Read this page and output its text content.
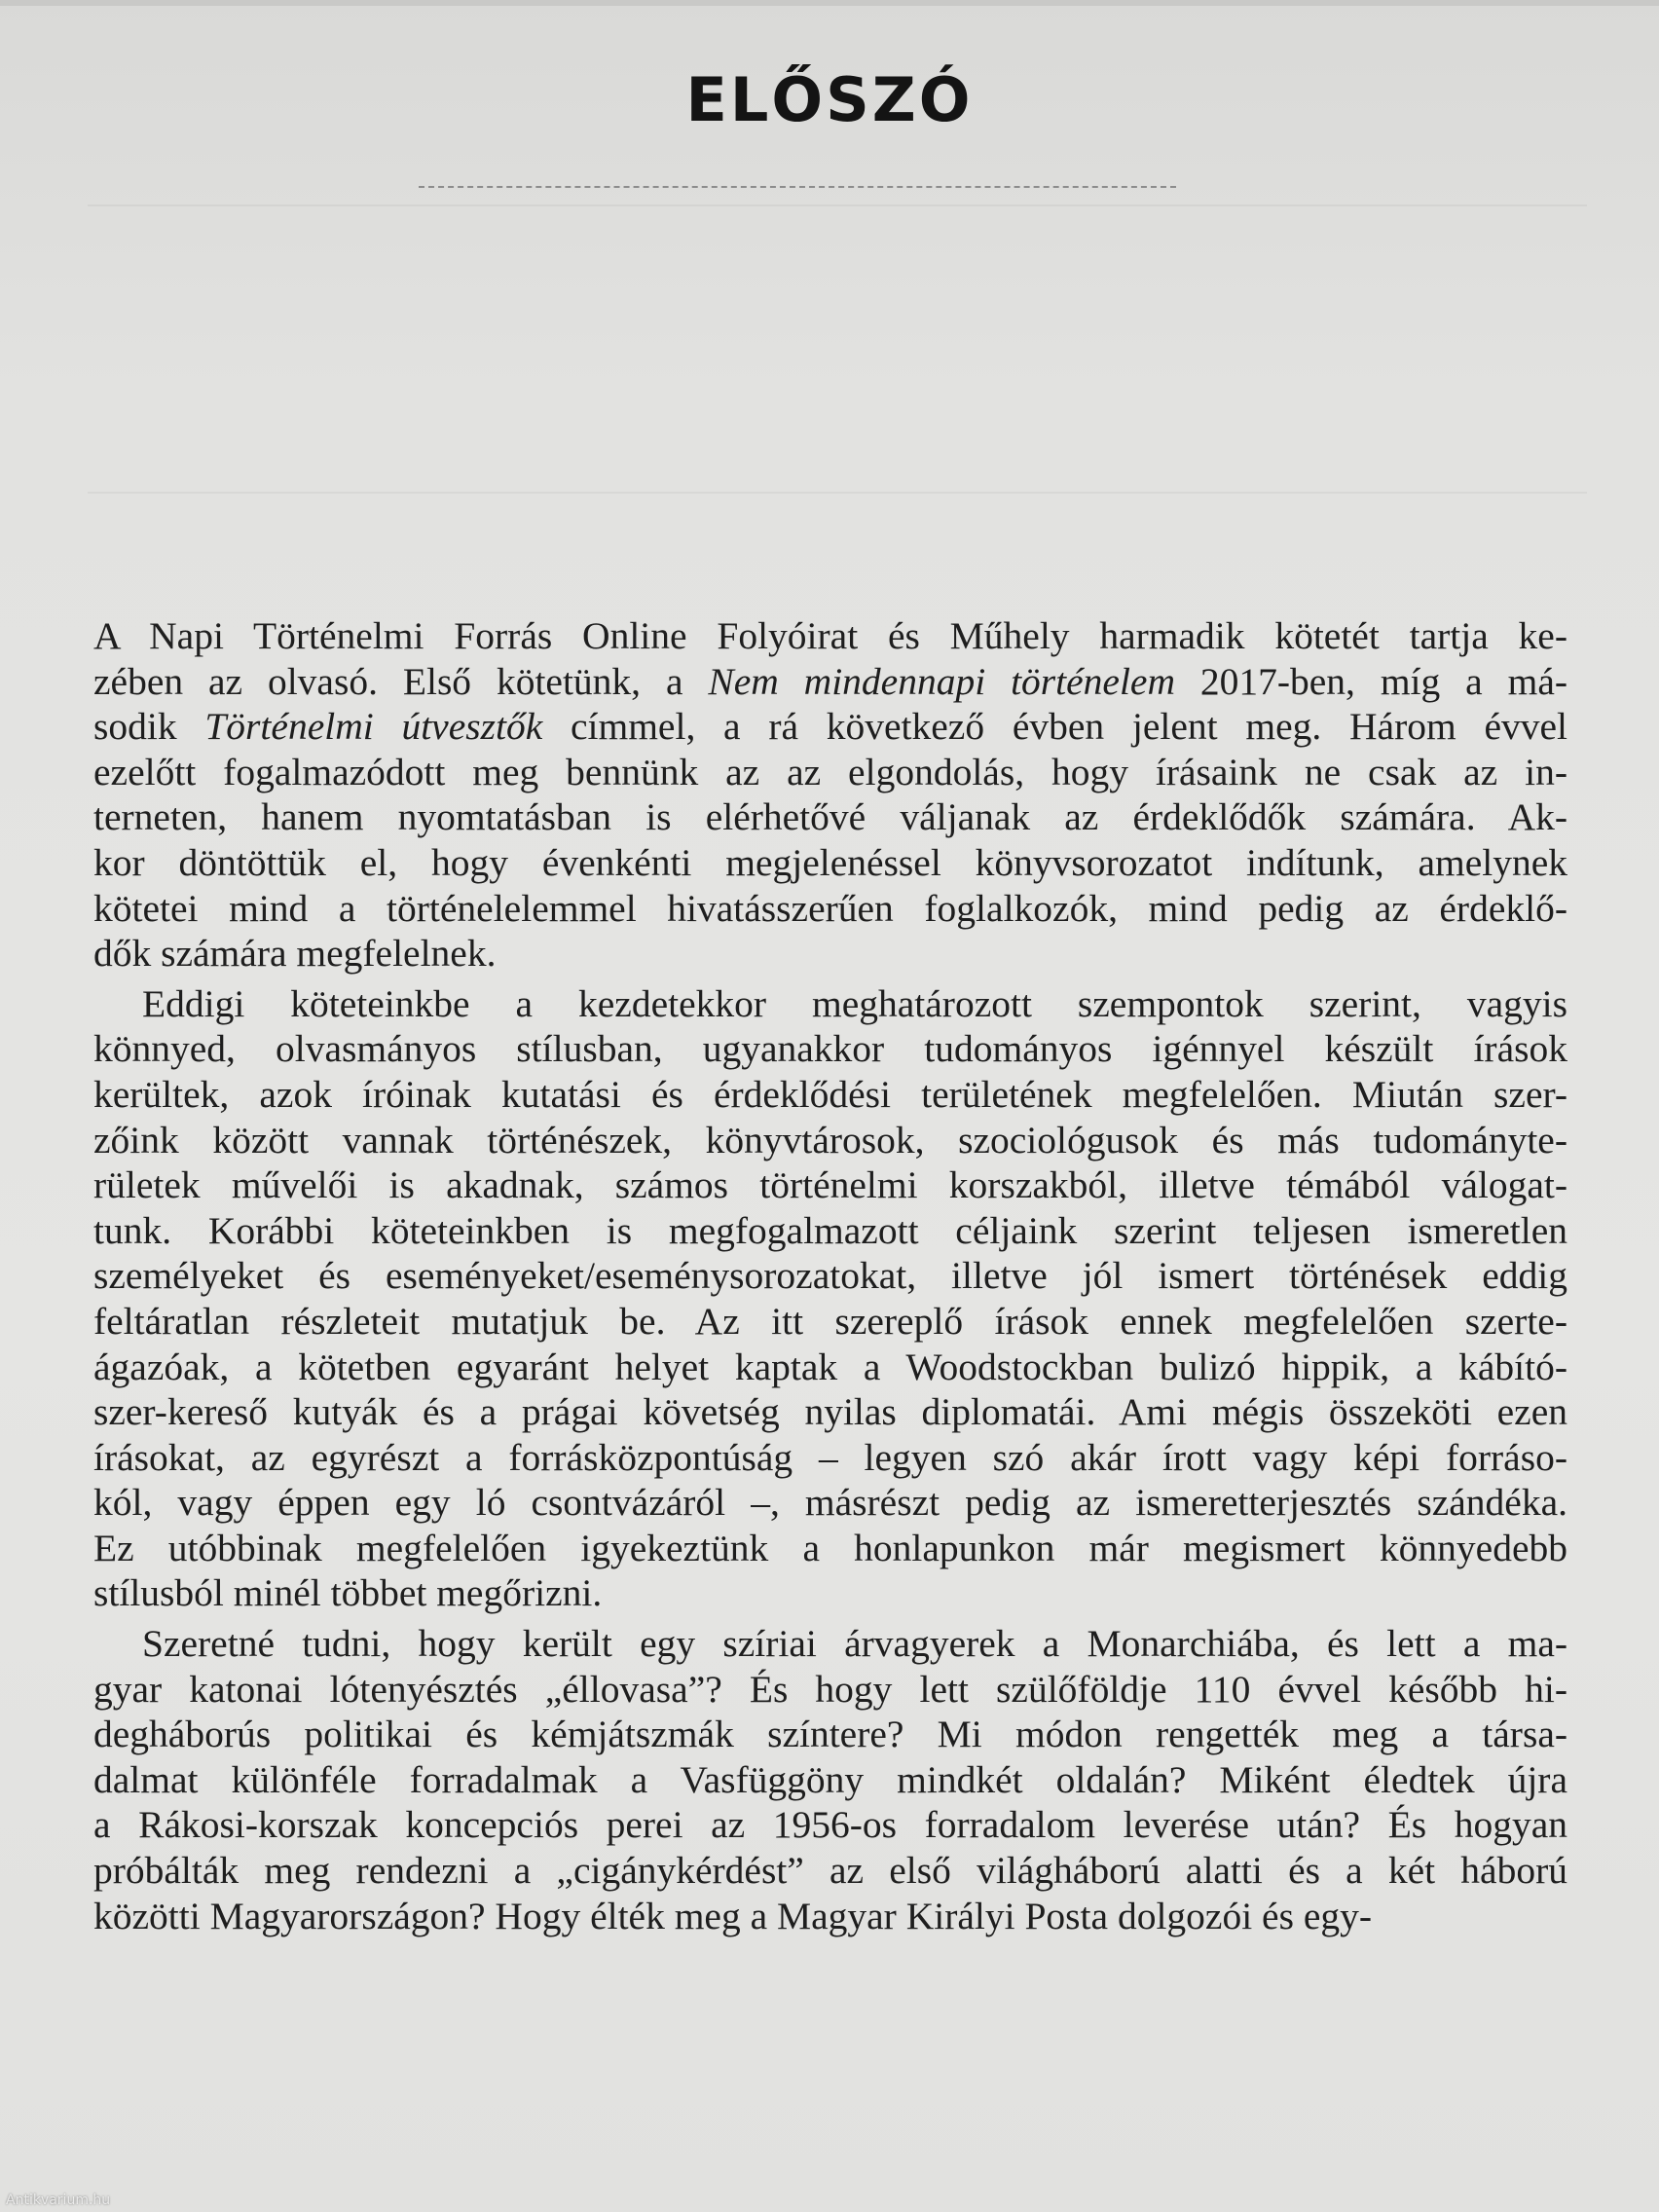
ELŐSZÓ
A Napi Történelmi Forrás Online Folyóirat és Műhely harmadik kötetét tartja ke-
zében az olvasó. Első kötetünk, a Nem mindennapi történelem 2017-ben, míg a má-
sodik Történelmi útvesztők címmel, a rá következő évben jelent meg. Három évvel
ezelőtt fogalmazódott meg bennünk az az elgondolás, hogy írásaink ne csak az in-
terneten, hanem nyomtatásban is elérhetővé váljanak az érdeklődők számára. Ak-
kor döntöttük el, hogy évenkénti megjelenéssel könyvsorozatot indítunk, amelynek
kötetei mind a történelelemmel hivatásszerűen foglalkozók, mind pedig az érdeklő-
dők számára megfelelnek.
Eddigi köteteinkbe a kezdetekkor meghatározott szempontok szerint, vagyis
könnyed, olvasmányos stílusban, ugyanakkor tudományos igénnyel készült írások
kerültek, azok íróinak kutatási és érdeklődési területének megfelelően. Miután szer-
zőink között vannak történészek, könyvtárosok, szociológusok és más tudományte-
rületek művelői is akadnak, számos történelmi korszakból, illetve témából válogat-
tunk. Korábbi köteteinkben is megfogalmazott céljaink szerint teljesen ismeretlen
személyeket és eseményeket/eseménysorozatokat, illetve jól ismert történések eddig
feltáratlan részleteit mutatjuk be. Az itt szereplő írások ennek megfelelően szerte-
ágazóak, a kötetben egyaránt helyet kaptak a Woodstockban bulizó hippik, a kábító-
szer-kereső kutyák és a prágai követség nyilas diplomatái. Ami mégis összeköti ezen
írásokat, az egyrészt a forrásközpontúság – legyen szó akár írott vagy képi forráso-
kól, vagy éppen egy ló csontvázáról –, másrészt pedig az ismeretterjesztés szándéka.
Ez utóbbinak megfelelően igyekeztünk a honlapunkon már megismert könnyedebb
stílusból minél többet megőrizni.
Szeretné tudni, hogy került egy szíriai árvagyerek a Monarchiába, és lett a ma-
gyar katonai lótenyésztés „éllovasa”? És hogy lett szülőföldje 110 évvel később hi-
degháborús politikai és kémjátszmák színtere? Mi módon rengették meg a társa-
dalmat különféle forradalmak a Vasfüggöny mindkét oldalán? Miként éledtek újra
a Rákosi-korszak koncepciós perei az 1956-os forradalom leverése után? És hogyan
próbálták meg rendezni a „cigánykérdést” az első világháború alatti és a két háború
közötti Magyarországon? Hogy élték meg a Magyar Királyi Posta dolgozói és egy-
Antikvarium.hu
